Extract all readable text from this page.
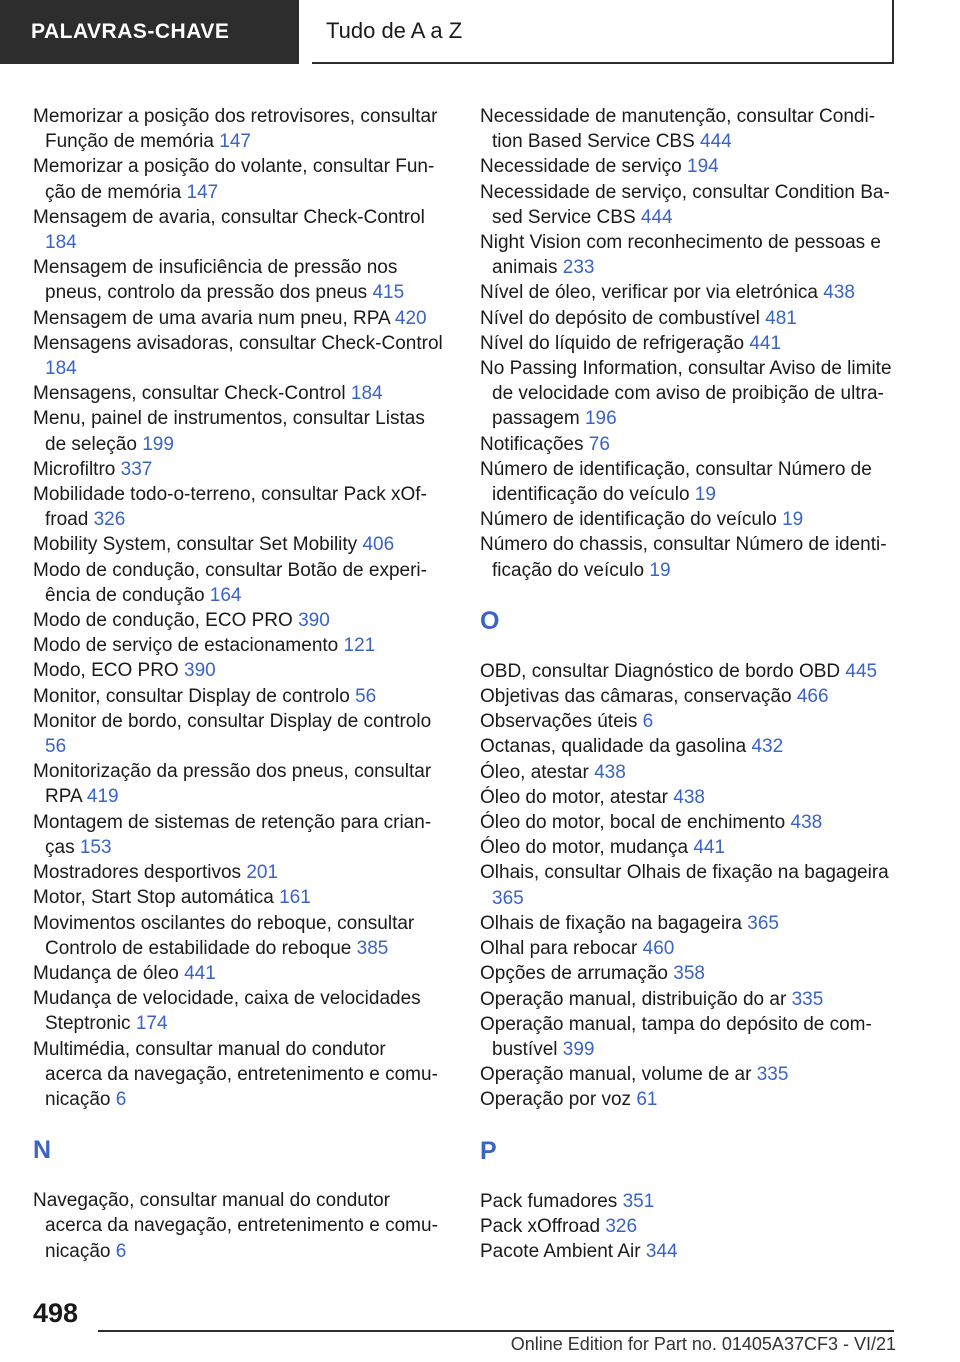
PALAVRAS-CHAVE	Tudo de A a Z
Memorizar a posição dos retrovisores, consultar Função de memória 147
Memorizar a posição do volante, consultar Função de memória 147
Mensagem de avaria, consultar Check-Control 184
Mensagem de insuficiência de pressão nos pneus, controlo da pressão dos pneus 415
Mensagem de uma avaria num pneu, RPA 420
Mensagens avisadoras, consultar Check-Control 184
Mensagens, consultar Check-Control 184
Menu, painel de instrumentos, consultar Listas de seleção 199
Microfiltro 337
Mobilidade todo-o-terreno, consultar Pack xOffroad 326
Mobility System, consultar Set Mobility 406
Modo de condução, consultar Botão de experiência de condução 164
Modo de condução, ECO PRO 390
Modo de serviço de estacionamento 121
Modo, ECO PRO 390
Monitor, consultar Display de controlo 56
Monitor de bordo, consultar Display de controlo 56
Monitorização da pressão dos pneus, consultar RPA 419
Montagem de sistemas de retenção para crianças 153
Mostradores desportivos 201
Motor, Start Stop automática 161
Movimentos oscilantes do reboque, consultar Controlo de estabilidade do reboque 385
Mudança de óleo 441
Mudança de velocidade, caixa de velocidades Steptronic 174
Multimédia, consultar manual do condutor acerca da navegação, entretenimento e comunicação 6
N
Navegação, consultar manual do condutor acerca da navegação, entretenimento e comunicação 6
Necessidade de manutenção, consultar Condition Based Service CBS 444
Necessidade de serviço 194
Necessidade de serviço, consultar Condition Based Service CBS 444
Night Vision com reconhecimento de pessoas e animais 233
Nível de óleo, verificar por via eletrónica 438
Nível do depósito de combustível 481
Nível do líquido de refrigeração 441
No Passing Information, consultar Aviso de limite de velocidade com aviso de proibição de ultrapassagem 196
Notificações 76
Número de identificação, consultar Número de identificação do veículo 19
Número de identificação do veículo 19
Número do chassis, consultar Número de identificação do veículo 19
O
OBD, consultar Diagnóstico de bordo OBD 445
Objetivas das câmaras, conservação 466
Observações úteis 6
Octanas, qualidade da gasolina 432
Óleo, atestar 438
Óleo do motor, atestar 438
Óleo do motor, bocal de enchimento 438
Óleo do motor, mudança 441
Olhais, consultar Olhais de fixação na bagageira 365
Olhais de fixação na bagageira 365
Olhal para rebocar 460
Opções de arrumação 358
Operação manual, distribuição do ar 335
Operação manual, tampa do depósito de combustível 399
Operação manual, volume de ar 335
Operação por voz 61
P
Pack fumadores 351
Pack xOffroad 326
Pacote Ambient Air 344
498
Online Edition for Part no. 01405A37CF3 - VI/21
